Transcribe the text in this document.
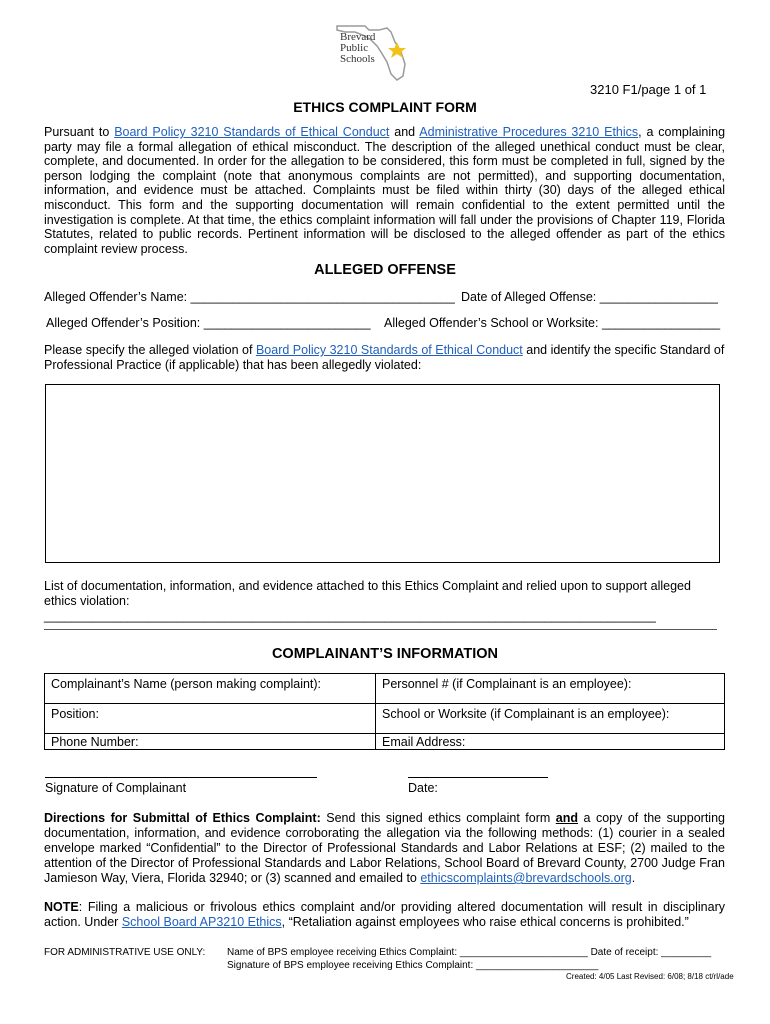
Brevard
Public
Schools
3210 F1/page 1 of 1
ETHICS COMPLAINT FORM
Pursuant to Board Policy 3210 Standards of Ethical Conduct and Administrative Procedures 3210 Ethics, a complaining party may file a formal allegation of ethical misconduct. The description of the alleged unethical conduct must be clear, complete, and documented. In order for the allegation to be considered, this form must be completed in full, signed by the person lodging the complaint (note that anonymous complaints are not permitted), and supporting documentation, information, and evidence must be attached. Complaints must be filed within thirty (30) days of the alleged ethical misconduct. This form and the supporting documentation will remain confidential to the extent permitted until the investigation is complete. At that time, the ethics complaint information will fall under the provisions of Chapter 119, Florida Statutes, related to public records. Pertinent information will be disclosed to the alleged offender as part of the ethics complaint review process.
ALLEGED OFFENSE
Alleged Offender’s Name: ______________________________________ Date of Alleged Offense: _________________
Alleged Offender’s Position: ________________________ Alleged Offender’s School or Worksite: _________________
Please specify the alleged violation of Board Policy 3210 Standards of Ethical Conduct and identify the specific Standard of Professional Practice (if applicable) that has been allegedly violated:
List of documentation, information, and evidence attached to this Ethics Complaint and relied upon to support alleged
ethics violation: ________________________________________________________________________________________
COMPLAINANT’S INFORMATION
Complainant’s Name (person making complaint):	Personnel # (if Complainant is an employee):
Position:	School or Worksite (if Complainant is an employee):
Phone Number:	Email Address:
Signature of Complainant	Date:
Directions for Submittal of Ethics Complaint: Send this signed ethics complaint form and a copy of the supporting documentation, information, and evidence corroborating the allegation via the following methods: (1) courier in a sealed envelope marked “Confidential” to the Director of Professional Standards and Labor Relations at ESF; (2) mailed to the attention of the Director of Professional Standards and Labor Relations, School Board of Brevard County, 2700 Judge Fran Jamieson Way, Viera, Florida 32940; or (3) scanned and emailed to ethicscomplaints@brevardschools.org.
NOTE: Filing a malicious or frivolous ethics complaint and/or providing altered documentation will result in disciplinary action. Under School Board AP3210 Ethics, “Retaliation against employees who raise ethical concerns is prohibited.”
FOR ADMINISTRATIVE USE ONLY: Name of BPS employee receiving Ethics Complaint: _______________________ Date of receipt: _________
Signature of BPS employee receiving Ethics Complaint: ______________________
Created: 4/05 Last Revised: 6/08; 8/18 ct/rl/ade
